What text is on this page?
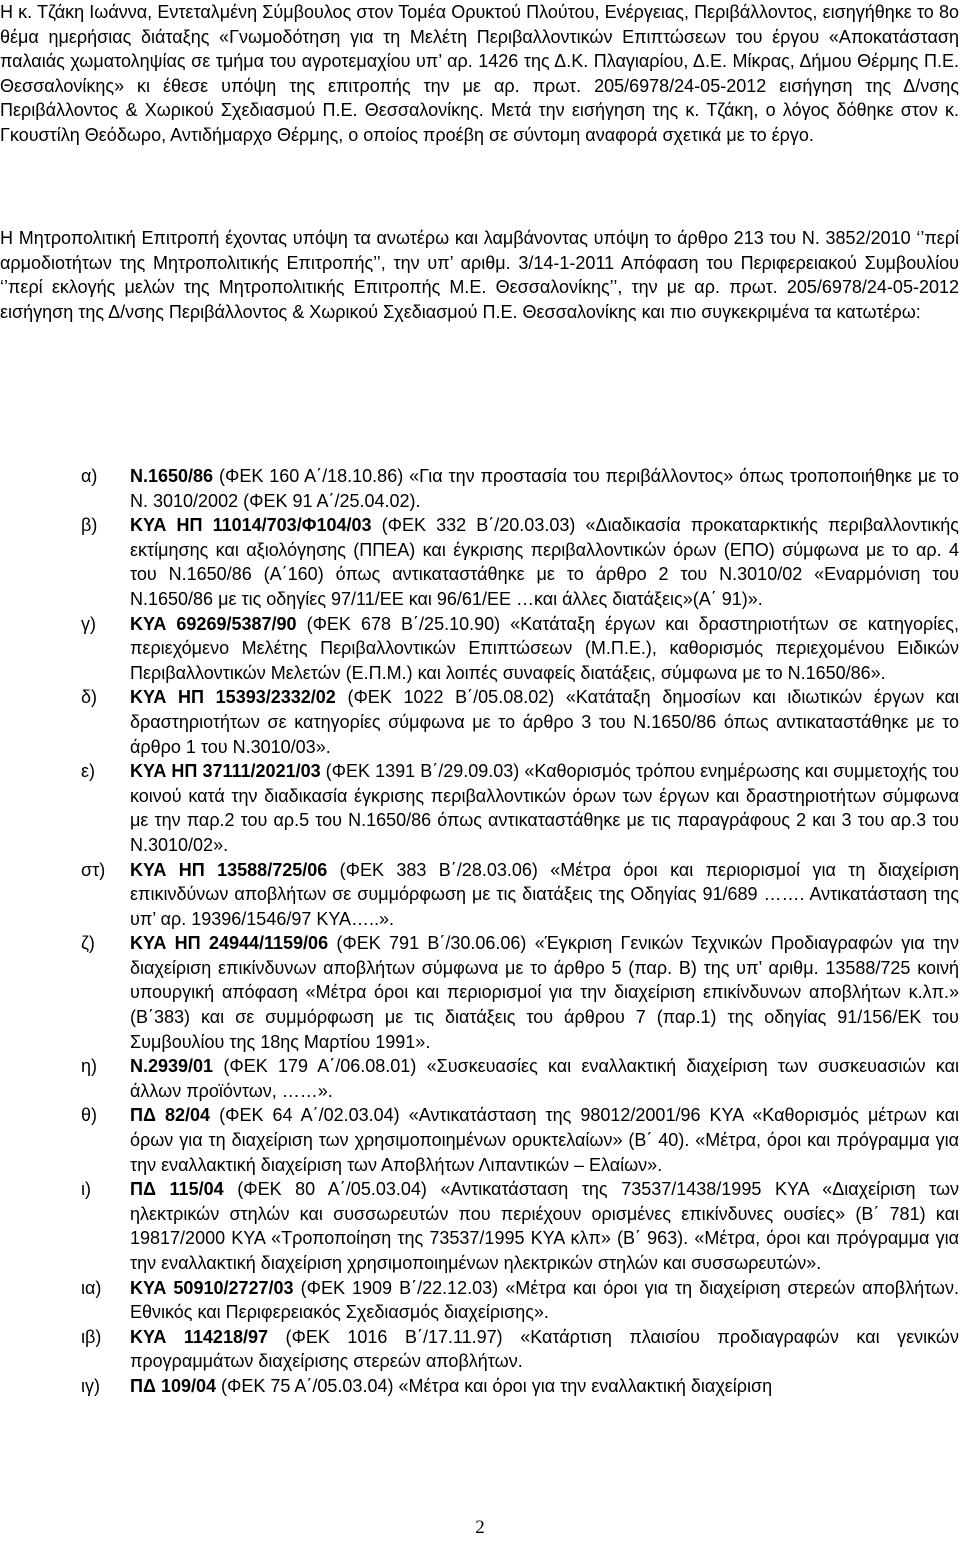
Η κ. Τζάκη Ιωάννα, Εντεταλμένη Σύμβουλος στον Τομέα Ορυκτού Πλούτου, Ενέργειας, Περιβάλλοντος, εισηγήθηκε το 8ο θέμα ημερήσιας διάταξης «Γνωμοδότηση για τη Μελέτη Περιβαλλοντικών Επιπτώσεων του έργου «Αποκατάσταση παλαιάς χωματοληψίας σε τμήμα του αγροτεμαχίου υπ’ αρ. 1426 της Δ.Κ. Πλαγιαρίου, Δ.Ε. Μίκρας, Δήμου Θέρμης Π.Ε. Θεσσαλονίκης» κι έθεσε υπόψη της επιτροπής την με αρ. πρωτ. 205/6978/24-05-2012 εισήγηση της Δ/νσης Περιβάλλοντος & Χωρικού Σχεδιασμού Π.Ε. Θεσσαλονίκης. Μετά την εισήγηση της κ. Τζάκη, ο λόγος δόθηκε στον κ. Γκουστίλη Θεόδωρο, Αντιδήμαρχο Θέρμης, ο οποίος προέβη σε σύντομη αναφορά σχετικά με το έργο.

Η Μητροπολιτική Επιτροπή έχοντας υπόψη τα ανωτέρω και λαμβάνοντας υπόψη το άρθρο 213 του Ν. 3852/2010 ‘’περί αρμοδιοτήτων της Μητροπολιτικής Επιτροπής’’, την υπ’ αριθμ. 3/14-1-2011 Απόφαση του Περιφερειακού Συμβουλίου ‘’περί εκλογής μελών της Μητροπολιτικής Επιτροπής Μ.Ε. Θεσσαλονίκης’’, την με αρ. πρωτ. 205/6978/24-05-2012 εισήγηση της Δ/νσης Περιβάλλοντος & Χωρικού Σχεδιασμού Π.Ε. Θεσσαλονίκης και πιο συγκεκριμένα τα κατωτέρω:

α)	Ν.1650/86 (ΦΕΚ 160 Α΄/18.10.86) «Για την προστασία του περιβάλλοντος» όπως τροποποιήθηκε με το Ν. 3010/2002 (ΦΕΚ 91 Α΄/25.04.02).
β)	ΚΥΑ ΗΠ 11014/703/Φ104/03 (ΦΕΚ 332 Β΄/20.03.03) «Διαδικασία προκαταρκτικής περιβαλλοντικής εκτίμησης και αξιολόγησης (ΠΠΕΑ) και έγκρισης περιβαλλοντικών όρων (ΕΠΟ) σύμφωνα με το αρ. 4 του Ν.1650/86 (Α΄160) όπως αντικαταστάθηκε με το άρθρο 2 του Ν.3010/02 «Εναρμόνιση του Ν.1650/86 με τις οδηγίες 97/11/ΕΕ και 96/61/ΕΕ …και άλλες διατάξεις»(Α΄ 91)».
γ)	ΚΥΑ 69269/5387/90 (ΦΕΚ 678 Β΄/25.10.90) «Κατάταξη έργων και δραστηριοτήτων σε κατηγορίες, περιεχόμενο Μελέτης Περιβαλλοντικών Επιπτώσεων (Μ.Π.Ε.), καθορισμός περιεχομένου Ειδικών Περιβαλλοντικών Μελετών (Ε.Π.Μ.) και λοιπές συναφείς διατάξεις, σύμφωνα με το Ν.1650/86».
δ)	ΚΥΑ ΗΠ 15393/2332/02 (ΦΕΚ 1022 Β΄/05.08.02) «Κατάταξη δημοσίων και ιδιωτικών έργων και δραστηριοτήτων σε κατηγορίες σύμφωνα με το άρθρο 3 του Ν.1650/86 όπως αντικαταστάθηκε με το άρθρο 1 του Ν.3010/03».
ε)	ΚΥΑ ΗΠ 37111/2021/03 (ΦΕΚ 1391 Β΄/29.09.03) «Καθορισμός τρόπου ενημέρωσης και συμμετοχής του κοινού κατά την διαδικασία έγκρισης περιβαλλοντικών όρων των έργων και δραστηριοτήτων σύμφωνα με την παρ.2 του αρ.5 του Ν.1650/86 όπως αντικαταστάθηκε με τις παραγράφους 2 και 3 του αρ.3 του Ν.3010/02».
στ)	ΚΥΑ ΗΠ 13588/725/06 (ΦΕΚ 383 Β΄/28.03.06) «Μέτρα όροι και περιορισμοί για τη διαχείριση επικινδύνων αποβλήτων σε συμμόρφωση με τις διατάξεις της Οδηγίας 91/689 ……. Αντικατάσταση της υπ’ αρ. 19396/1546/97 ΚΥΑ…..».
ζ)	ΚΥΑ ΗΠ 24944/1159/06 (ΦΕΚ 791 Β΄/30.06.06) «Έγκριση Γενικών Τεχνικών Προδιαγραφών για την διαχείριση επικίνδυνων αποβλήτων σύμφωνα με το άρθρο 5 (παρ. Β) της υπ’ αριθμ. 13588/725 κοινή υπουργική απόφαση «Μέτρα όροι και περιορισμοί για την διαχείριση επικίνδυνων αποβλήτων κ.λπ.» (Β΄383) και σε συμμόρφωση με τις διατάξεις του άρθρου 7 (παρ.1) της οδηγίας 91/156/ΕΚ του Συμβουλίου της 18ης Μαρτίου 1991».
η)	Ν.2939/01 (ΦΕΚ 179 Α΄/06.08.01) «Συσκευασίες και εναλλακτική διαχείριση των συσκευασιών και άλλων προϊόντων, ……».
θ)	ΠΔ 82/04 (ΦΕΚ 64 Α΄/02.03.04) «Αντικατάσταση της 98012/2001/96 ΚΥΑ «Καθορισμός μέτρων και όρων για τη διαχείριση των χρησιμοποιημένων ορυκτελαίων» (Β΄ 40). «Μέτρα, όροι και πρόγραμμα για την εναλλακτική διαχείριση των Αποβλήτων Λιπαντικών – Ελαίων».
ι)	ΠΔ 115/04 (ΦΕΚ 80 Α΄/05.03.04) «Αντικατάσταση της 73537/1438/1995 ΚΥΑ «Διαχείριση των ηλεκτρικών στηλών και συσσωρευτών που περιέχουν ορισμένες επικίνδυνες ουσίες» (Β΄ 781) και 19817/2000 ΚΥΑ «Τροποποίηση της 73537/1995 ΚΥΑ κλπ» (Β΄ 963). «Μέτρα, όροι και πρόγραμμα για την εναλλακτική διαχείριση χρησιμοποιημένων ηλεκτρικών στηλών και συσσωρευτών».
ια)	ΚΥΑ 50910/2727/03 (ΦΕΚ 1909 Β΄/22.12.03) «Μέτρα και όροι για τη διαχείριση στερεών αποβλήτων. Εθνικός και Περιφερειακός Σχεδιασμός διαχείρισης».
ιβ)	ΚΥΑ 114218/97 (ΦΕΚ 1016 Β΄/17.11.97) «Κατάρτιση πλαισίου προδιαγραφών και γενικών προγραμμάτων διαχείρισης στερεών αποβλήτων.
ιγ)	ΠΔ 109/04 (ΦΕΚ 75 Α΄/05.03.04) «Μέτρα και όροι για την εναλλακτική διαχείριση
2
